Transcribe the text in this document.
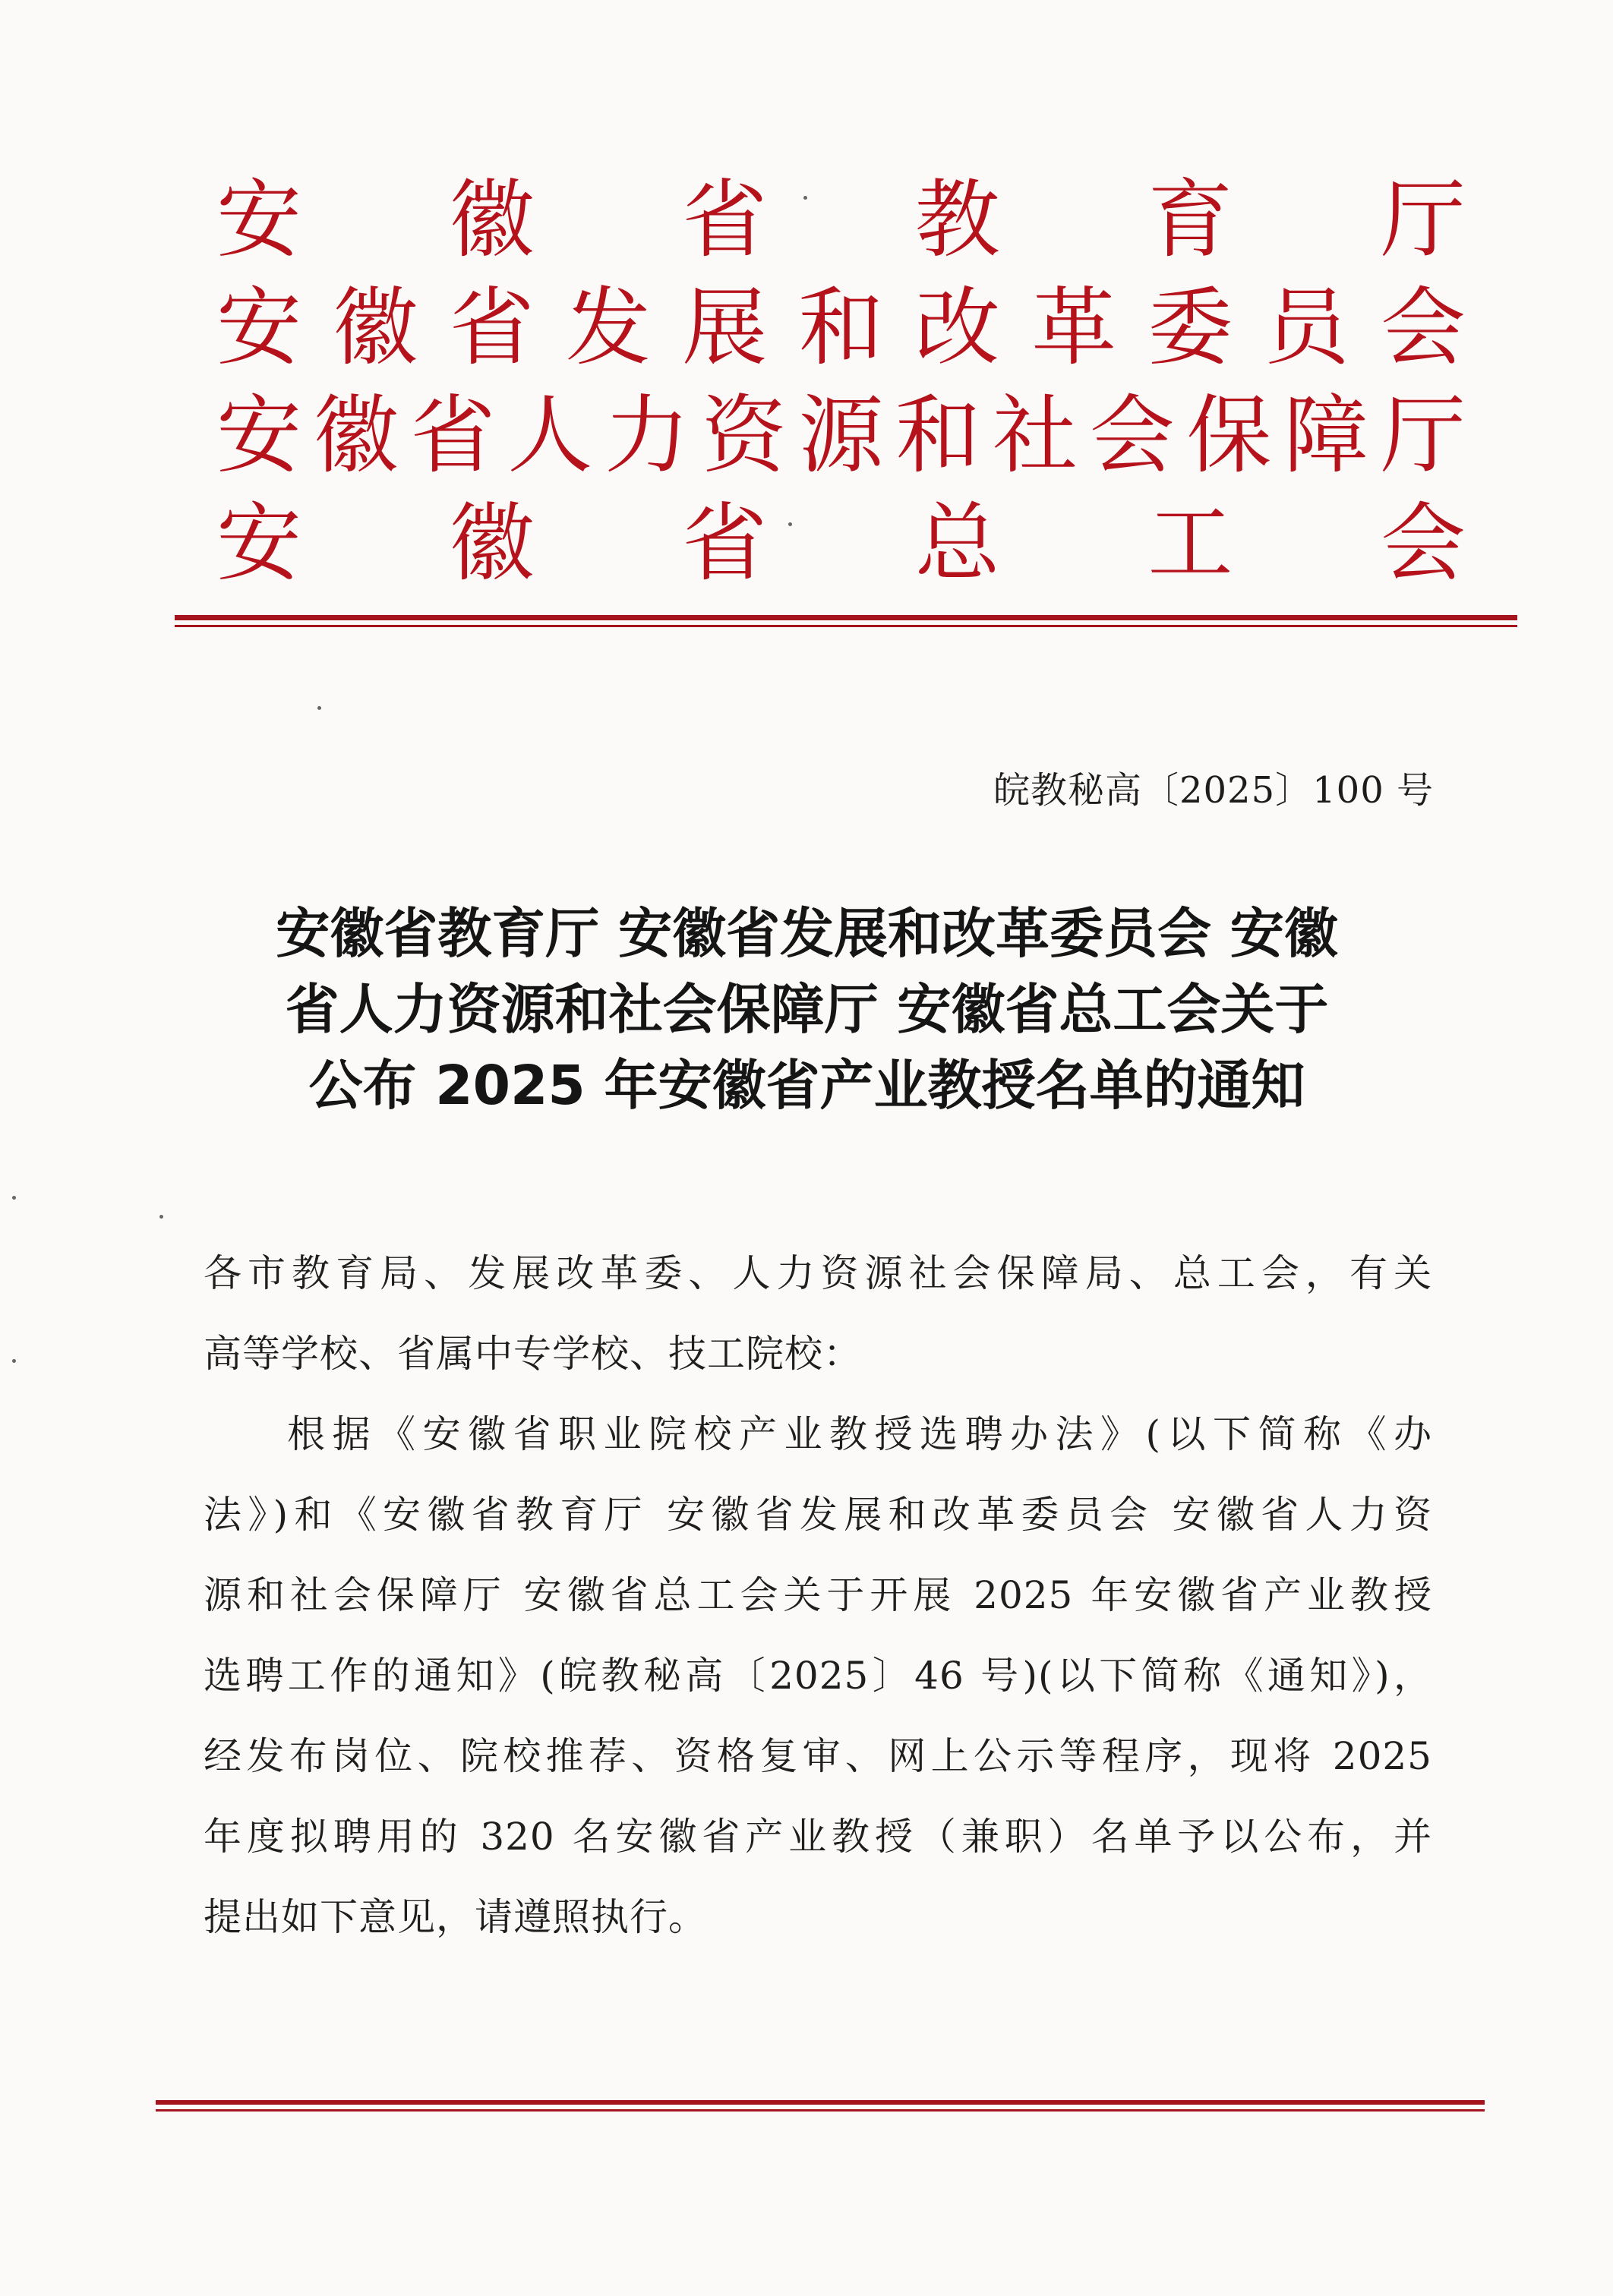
安 徽 省 教 育 厅
安 徽 省 发 展 和 改 革 委 员 会
安 徽 省 人 力 资 源 和 社 会 保 障 厅
安 徽 省 总 工 会
皖教秘高〔2025〕100 号
安徽省教育厅 安徽省发展和改革委员会 安徽
省人力资源和社会保障厅 安徽省总工会关于
公布 2025 年安徽省产业教授名单的通知
各市教育局、发展改革委、人力资源社会保障局、总工会，有关
高等学校、省属中专学校、技工院校：
根据《安徽省职业院校产业教授选聘办法》(以下简称《办
法》)和《安徽省教育厅 安徽省发展和改革委员会 安徽省人力资
源和社会保障厅 安徽省总工会关于开展 2025 年安徽省产业教授
选聘工作的通知》(皖教秘高〔2025〕46 号)(以下简称《通知》)，
经发布岗位、院校推荐、资格复审、网上公示等程序，现将 2025
年度拟聘用的 320 名安徽省产业教授（兼职）名单予以公布，并
提出如下意见，请遵照执行。
